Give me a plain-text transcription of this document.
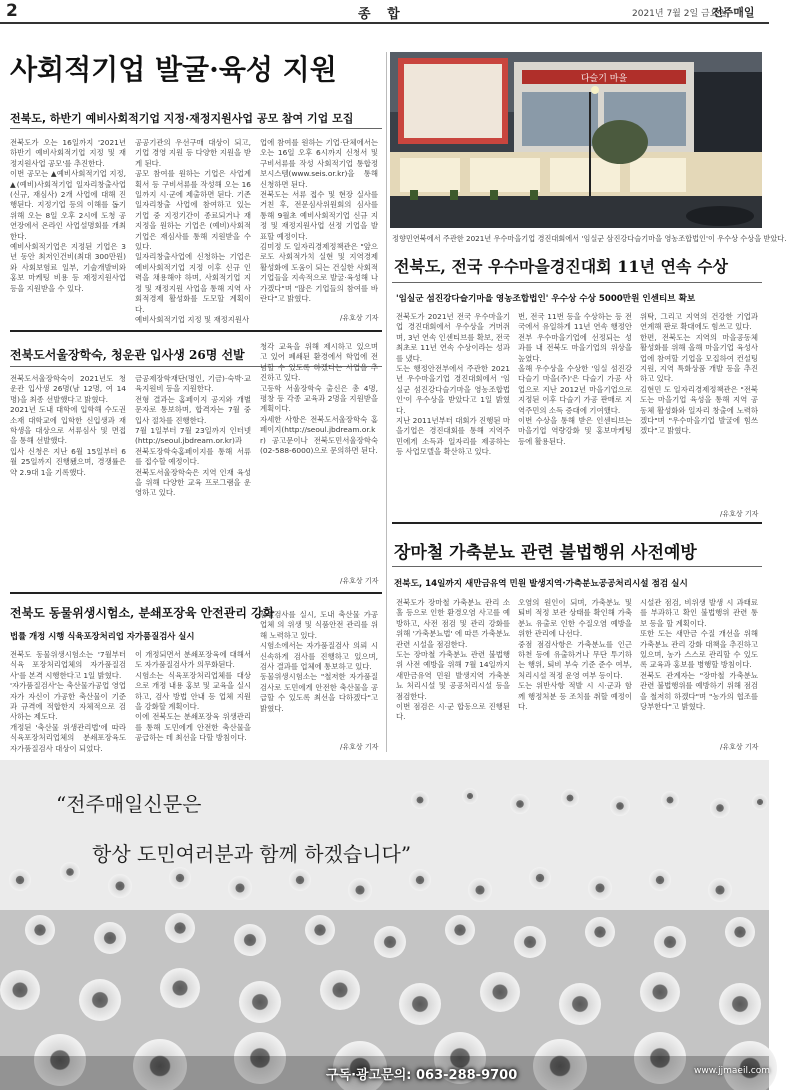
2	종 합	2021년 7월 2일 금요일
전주매일
사회적기업 발굴·육성 지원
전북도, 하반기 예비사회적기업 지정·재정지원사업 공모 참여 기업 모집
전북도가 오는 16일까지 '2021년 하반기 예비사회적기업 지정 및 재정지원사업 공모'를 추진한다.
이번 공모는 ▲예비사회적기업 지정, ▲(예비)사회적기업 일자리창출사업(신규, 재심사) 2개 사업에 대해 진행된다. 지정기업 등의 이해를 돕기 위해 오는 8일 오후 2시에 도청 공연장에서 온라인 사업설명회를 개최한다.
예비사회적기업은 지정된 기업은 3년 동안 최저인건비(최대 300만원)와 사회보험료 일부, 기술개발비와 홍보 마케팅 비용 등 재정지원사업 등을 지원받을 수 있다.
공공기관의 우선구매 대상이 되고, 기업 경영 지원 등 다양한 지원을 받게 된다.
공모 참여를 원하는 기업은 사업계획서 등 구비서류를 작성해 오는 16일까지 시·군에 제출하면 된다. 기존 일자리창출 사업에 참여하고 있는 기업 중 지정기간이 종료되거나 재지정을 원하는 기업은 (예비)사회적기업은 재심사를 통해 지원받을 수 있다.
일자리창출사업에 신청하는 기업은 예비사회적기업 지정 이후 신규 인력을 채용해야 하며, 사회적기업 지정 및 재정지원 사업을 통해 지역 사회적경제 활성화를 도모할 계획이다.
예비사회적기업 지정 및 재정지원사
업에 참여를 원하는 기업·단체에서는 오는 16일 오후 6시까지 신청서 및 구비서류를 작성 사회적기업 통합정보시스템(www.seis.or.kr)을 통해 신청하면 된다.
전북도는 서류 접수 및 현장 실사를 거친 후, 전문심사위원회의 심사를 통해 9월초 예비사회적기업 신규 지정 및 재정지원사업 선정 기업을 발표할 예정이다.
김미정 도 일자리경제정책관은 "앞으로도 사회적가치 실현 및 지역경제 활성화에 도움이 되는 건실한 사회적기업들을 지속적으로 발굴·육성해 나가겠다"며 "많은 기업들의 참여를 바란다"고 밝혔다.
/유호상 기자
다슬기 마을
정향민연북에서 주관한 2021년 우수마을기업 경진대회에서 '임실군 삼진강다슬기마을 영농조합법인'이 우수상 수상을 받았다.
전북도, 전국 우수마을경진대회 11년 연속 수상
'임실군 섬진강다슬기마을 영농조합법인' 우수상 수상 5000만원 인센티브 확보
전북도가 2021년 전국 우수마을기업 경진대회에서 우수상을 거머쥐며, 3년 연속 인센티브를 확보, 전국 최초로 11년 연속 수상이라는 성과를 냈다.
도는 행정안전부에서 주관한 2021년 우수마을기업 경진대회에서 '임실군 섬진강다슬기마을 영농조합법인'이 우수상을 받았다고 1일 밝혔다.
지난 2011년부터 대회가 진행된 마을기업은 경진대회를 통해 지역주민에게 소득과 일자리를 제공하는 등 사업모델을 확산하고 있다.
번, 전국 11번 등을 수상하는 등 전국에서 유일하게 11년 연속 행정안전부 우수마을기업에 선정되는 성과를 내 전북도 마을기업의 위상을 높였다.
올해 우수상을 수상한 '임실 섬진강 다슬기 마을(주)'은 다슬기 가공 사업으로 지난 2012년 마을기업으로 지정된 이후 다슬기 가공 판매로 지역주민의 소득 증대에 기여했다.
이번 수상을 통해 받은 인센티브는 마을기업 역량강화 및 홍보마케팅 등에 활용된다.
위탁, 그리고 지역의 건강한 기업과 연계해 판로 확대에도 힘쓰고 있다.
한편, 전북도는 지역의 마을공동체 활성화를 위해 올해 마을기업 육성사업에 참여할 기업을 모집하여 컨설팅 지원, 지역 특화상품 개발 등을 추진하고 있다.
김현민 도 일자리경제정책관은 "전북도는 마을기업 육성을 통해 지역 공동체 활성화와 일자리 창출에 노력하겠다"며 "우수마을기업 발굴에 힘쓰겠다"고 밝혔다.
/유호상 기자
전북도서울장학숙, 청운관 입사생 26명 선발
전북도서울장학숙이 2021년도 청운관 입사생 26명(남 12명, 여 14명)을 최종 선발했다고 밝혔다.
2021년 도내 대학에 입학해 수도권 소재 대학교에 입학한 신입생과 재학생을 대상으로 서류심사 및 면접을 통해 선발했다.
입사 신청은 지난 6월 15일부터 6월 25일까지 진행됐으며, 경쟁률은 약 2.9대 1을 기록했다.
금공제장학재단(명인, 기금)·숙박·교육지원비 등을 지원한다.
전형 결과는 홈페이지 공지와 개별 문자로 통보하며, 합격자는 7월 중 입사 절차를 진행한다.
7월 1일부터 7월 23일까지 인터넷(http://seoul.jbdream.or.kr)과 전북도장학숙홈페이지를 통해 서류를 접수할 예정이다.
전북도서울장학숙은 지역 인재 육성을 위해 다양한 교육 프로그램을 운영하고 있다.
청각 교육을 위해 제시하고 있으며 고 있어 폐쇄된 환경에서 학업에 전념할 수 있도록 하겠다는 사업을 추진하고 있다.
고등학 서울장학숙 출신은 총 4명, 평창 등 각종 교육과 2명을 지원받을 계획이다.
자세한 사항은 전북도서울장학숙 홈페이지(http://seoul.jbdream.or.kr) 공고문이나 전북도민서울장학숙 (02-588-6000)으로 문의하면 된다.
/유호상 기자
장마철 가축분뇨 관련 불법행위 사전예방
전북도, 14일까지 새만금유역 민원 발생지역·가축분뇨공공처리시설 점검 실시
전북도가 장마철 가축분뇨 관리 소홀 등으로 인한 환경오염 사고를 예방하고, 사전 점검 및 관리 강화를 위해 '가축분뇨법' 에 따른 가축분뇨 관련 시설을 점검한다.
도는 장마철 가축분뇨 관련 불법행위 사전 예방을 위해 7월 14일까지 새만금유역 민원 발생지역 가축분뇨 처리시설 및 공공처리시설 등을 점검한다.
이번 점검은 시·군 합동으로 진행된다.
오염의 원인이 되며, 가축분뇨 및 퇴비 적정 보관 상태를 확인해 가축분뇨 유출로 인한 수질오염 예방을 위한 관리에 나선다.
중점 점검사항은 가축분뇨를 인근 하천 등에 유출하거나 무단 투기하는 행위, 퇴비 부숙 기준 준수 여부, 처리시설 적정 운영 여부 등이다.
도는 위반사항 적발 시 시·군과 함께 행정처분 등 조치를 취할 예정이다.
시설관 점검, 비위생 발생 시 과태료를 부과하고 확인 불법행위 관련 통보 등을 할 계획이다.
또한 도는 새만금 수질 개선을 위해 가축분뇨 관리 강화 대책을 추진하고 있으며, 농가 스스로 관리할 수 있도록 교육과 홍보를 병행할 방침이다.
전북도 관계자는 "장마철 가축분뇨 관련 불법행위를 예방하기 위해 점검을 철저히 하겠다"며 "농가의 협조를 당부한다"고 밝혔다.
/유호상 기자
전북도 동물위생시험소, 분쇄포장육 안전관리 강화
법률 개정 시행 식육포장처리업 자가품질검사 실시
전북도 동물위생시험소는 '7월부터 식육 포장처리업체의 자가품질검사'를 본격 시행한다고 1일 밝혔다.
'자가품질검사'는 축산물가공업 영업자가 자신이 가공한 축산물이 기준과 규격에 적합한지 자체적으로 검사하는 제도다.
개정된 '축산물 위생관리법'에 따라 식육포장처리업체의 분쇄포장육도 자가품질검사 대상이 되었다.
이 개정되면서 분쇄포장육에 대해서도 자가품질검사가 의무화된다.
시험소는 식육포장처리업체를 대상으로 개정 내용 홍보 및 교육을 실시하고, 검사 방법 안내 등 업체 지원을 강화할 계획이다.
이에 전북도는 분쇄포장육 위생관리를 통해 도민에게 안전한 축산물을 공급하는 데 최선을 다할 방침이다.
품질검사를 실시, 도내 축산물 가공업체 의 위생 및 식품안전 관리를 위해 노력하고 있다.
시험소에서는 자가품질검사 의뢰 시 신속하게 검사를 진행하고 있으며, 검사 결과를 업체에 통보하고 있다.
동물위생시험소는 "철저한 자가품질검사로 도민에게 안전한 축산물을 공급할 수 있도록 최선을 다하겠다"고 밝혔다.
/유호상 기자
“전주매일신문은
항상 도민여러분과 함께 하겠습니다”
구독·광고문의: 063-288-9700	www.jjmaeil.com
